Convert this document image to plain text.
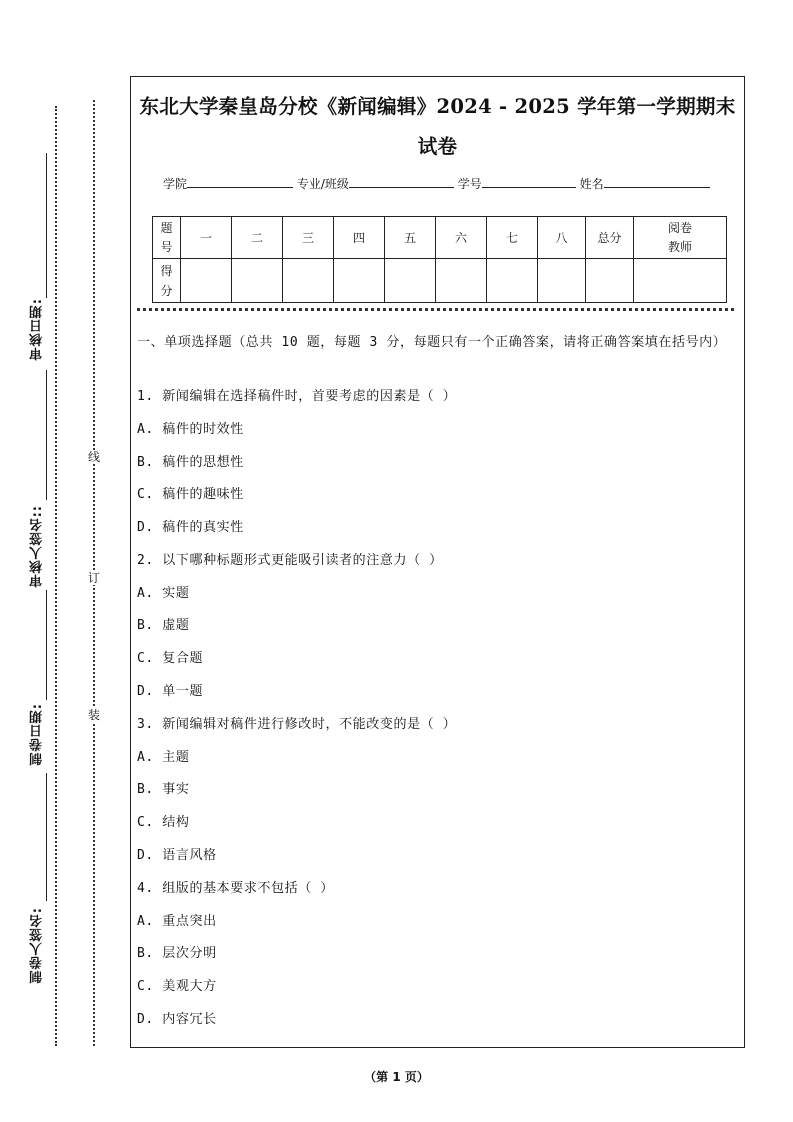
审核日期:
审核人签名::
制卷日期:
制卷人签名:
线
订
装
东北大学秦皇岛分校《新闻编辑》2024 - 2025 学年第一学期期末
试卷
学院	专业/班级	学号	姓名
题号	一	二	三	四	五	六	七	八	总分	阅卷教师
得分										
一、单项选择题（总共 10 题，每题 3 分，每题只有一个正确答案，请将正确答案填在括号内）
1. 新闻编辑在选择稿件时，首要考虑的因素是（ ）
A. 稿件的时效性
B. 稿件的思想性
C. 稿件的趣味性
D. 稿件的真实性
2. 以下哪种标题形式更能吸引读者的注意力（ ）
A. 实题
B. 虚题
C. 复合题
D. 单一题
3. 新闻编辑对稿件进行修改时，不能改变的是（ ）
A. 主题
B. 事实
C. 结构
D. 语言风格
4. 组版的基本要求不包括（ ）
A. 重点突出
B. 层次分明
C. 美观大方
D. 内容冗长
（第 1 页）
